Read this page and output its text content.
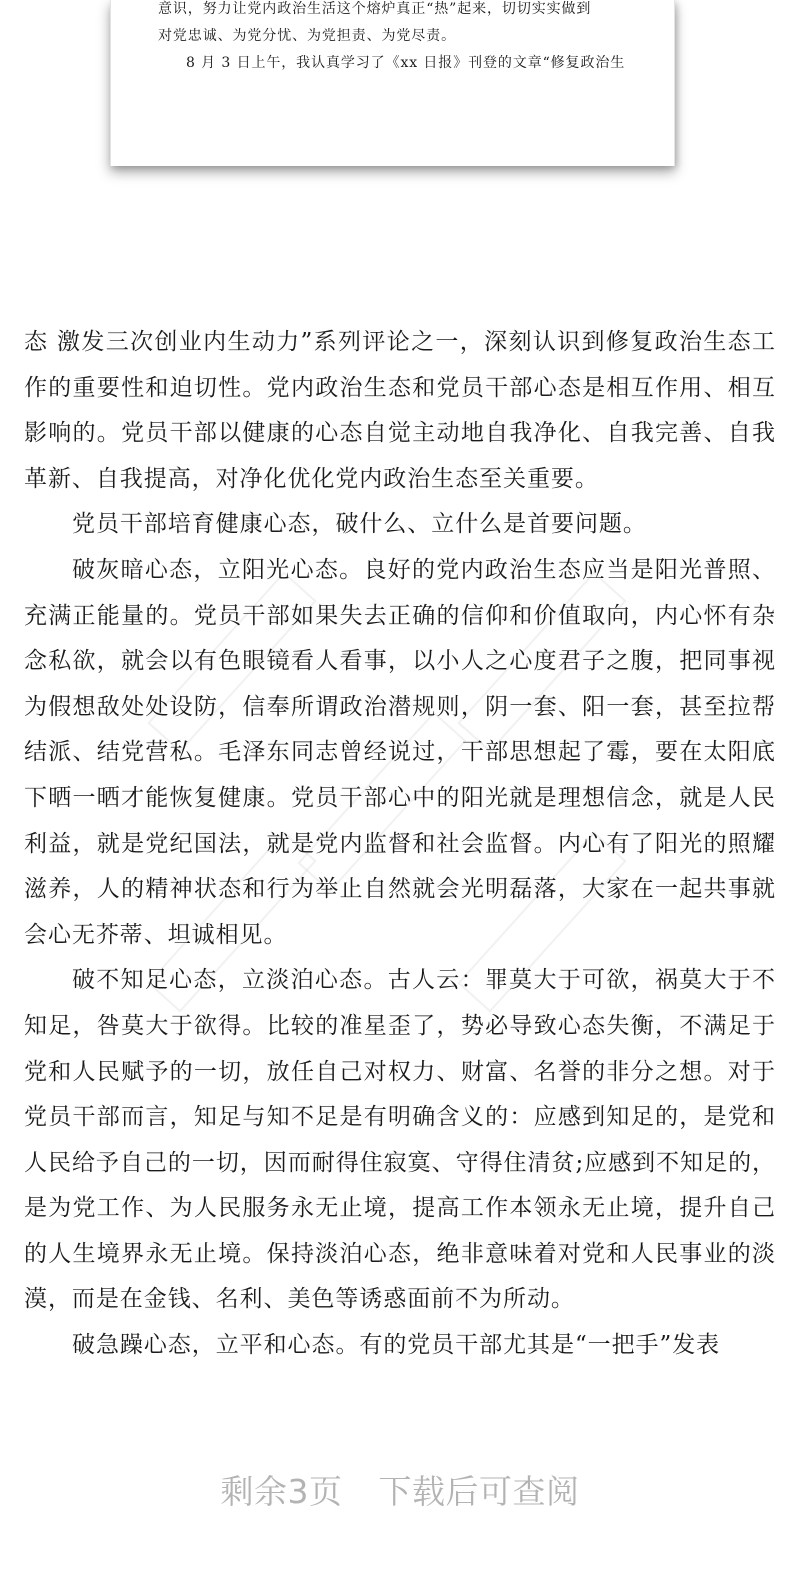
意识，努力让党内政治生活这个熔炉真正“热”起来，切切实实做到

对党忠诚、为党分忧、为党担责、为党尽责。

8 月 3 日上午，我认真学习了《xx 日报》刊登的文章“修复政治生

态 激发三次创业内生动力”系列评论之一，深刻认识到修复政治生态工作的重要性和迫切性。党内政治生态和党员干部心态是相互作用、相互影响的。党员干部以健康的心态自觉主动地自我净化、自我完善、自我革新、自我提高，对净化优化党内政治生态至关重要。

党员干部培育健康心态，破什么、立什么是首要问题。

破灰暗心态，立阳光心态。良好的党内政治生态应当是阳光普照、充满正能量的。党员干部如果失去正确的信仰和价值取向，内心怀有杂念私欲，就会以有色眼镜看人看事，以小人之心度君子之腹，把同事视为假想敌处处设防，信奉所谓政治潜规则，阴一套、阳一套，甚至拉帮结派、结党营私。毛泽东同志曾经说过，干部思想起了霉，要在太阳底下晒一晒才能恢复健康。党员干部心中的阳光就是理想信念，就是人民利益，就是党纪国法，就是党内监督和社会监督。内心有了阳光的照耀滋养，人的精神状态和行为举止自然就会光明磊落，大家在一起共事就会心无芥蒂、坦诚相见。

破不知足心态，立淡泊心态。古人云：罪莫大于可欲，祸莫大于不知足，咎莫大于欲得。比较的准星歪了，势必导致心态失衡，不满足于党和人民赋予的一切，放任自己对权力、财富、名誉的非分之想。对于党员干部而言，知足与知不足是有明确含义的：应感到知足的，是党和人民给予自己的一切，因而耐得住寂寞、守得住清贫;应感到不知足的，是为党工作、为人民服务永无止境，提高工作本领永无止境，提升自己的人生境界永无止境。保持淡泊心态，绝非意味着对党和人民事业的淡漠，而是在金钱、名利、美色等诱惑面前不为所动。

破急躁心态，立平和心态。有的党员干部尤其是“一把手”发表

剩余3页 下载后可查阅
